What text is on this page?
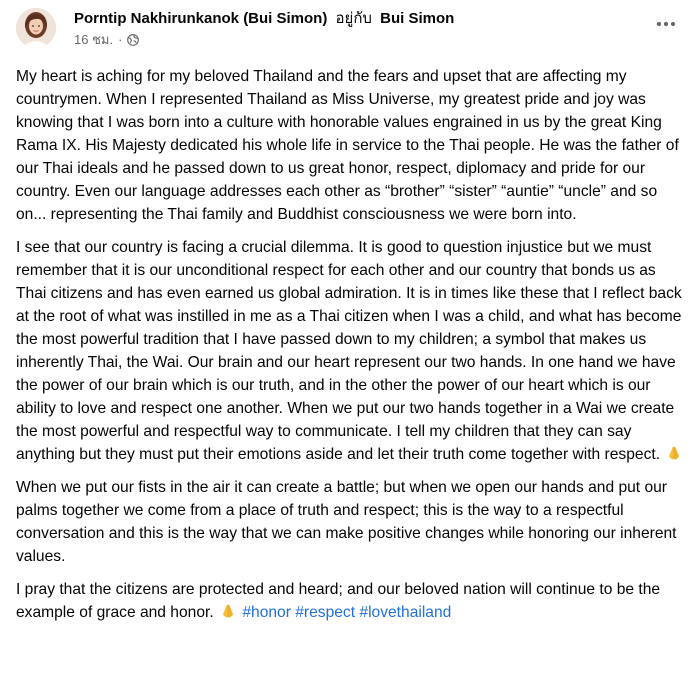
Porntip Nakhirunkanok (Bui Simon) อยู่กับ Bui Simon
16 ชม. ·

My heart is aching for my beloved Thailand and the fears and upset that are affecting my countrymen. When I represented Thailand as Miss Universe, my greatest pride and joy was knowing that I was born into a culture with honorable values engrained in us by the great King Rama IX. His Majesty dedicated his whole life in service to the Thai people. He was the father of our Thai ideals and he passed down to us great honor, respect, diplomacy and pride for our country. Even our language addresses each other as “brother” “sister” “auntie” “uncle” and so on... representing the Thai family and Buddhist consciousness we were born into.

I see that our country is facing a crucial dilemma. It is good to question injustice but we must remember that it is our unconditional respect for each other and our country that bonds us as Thai citizens and has even earned us global admiration. It is in times like these that I reflect back at the root of what was instilled in me as a Thai citizen when I was a child, and what has become the most powerful tradition that I have passed down to my children; a symbol that makes us inherently Thai, the Wai. Our brain and our heart represent our two hands. In one hand we have the power of our brain which is our truth, and in the other the power of our heart which is our ability to love and respect one another. When we put our two hands together in a Wai we create the most powerful and respectful way to communicate. I tell my children that they can say anything but they must put their emotions aside and let their truth come together with respect.

When we put our fists in the air it can create a battle; but when we open our hands and put our palms together we come from a place of truth and respect; this is the way to a respectful conversation and this is the way that we can make positive changes while honoring our inherent values.

I pray that the citizens are protected and heard; and our beloved nation will continue to be the example of grace and honor. #honor #respect #lovethailand
